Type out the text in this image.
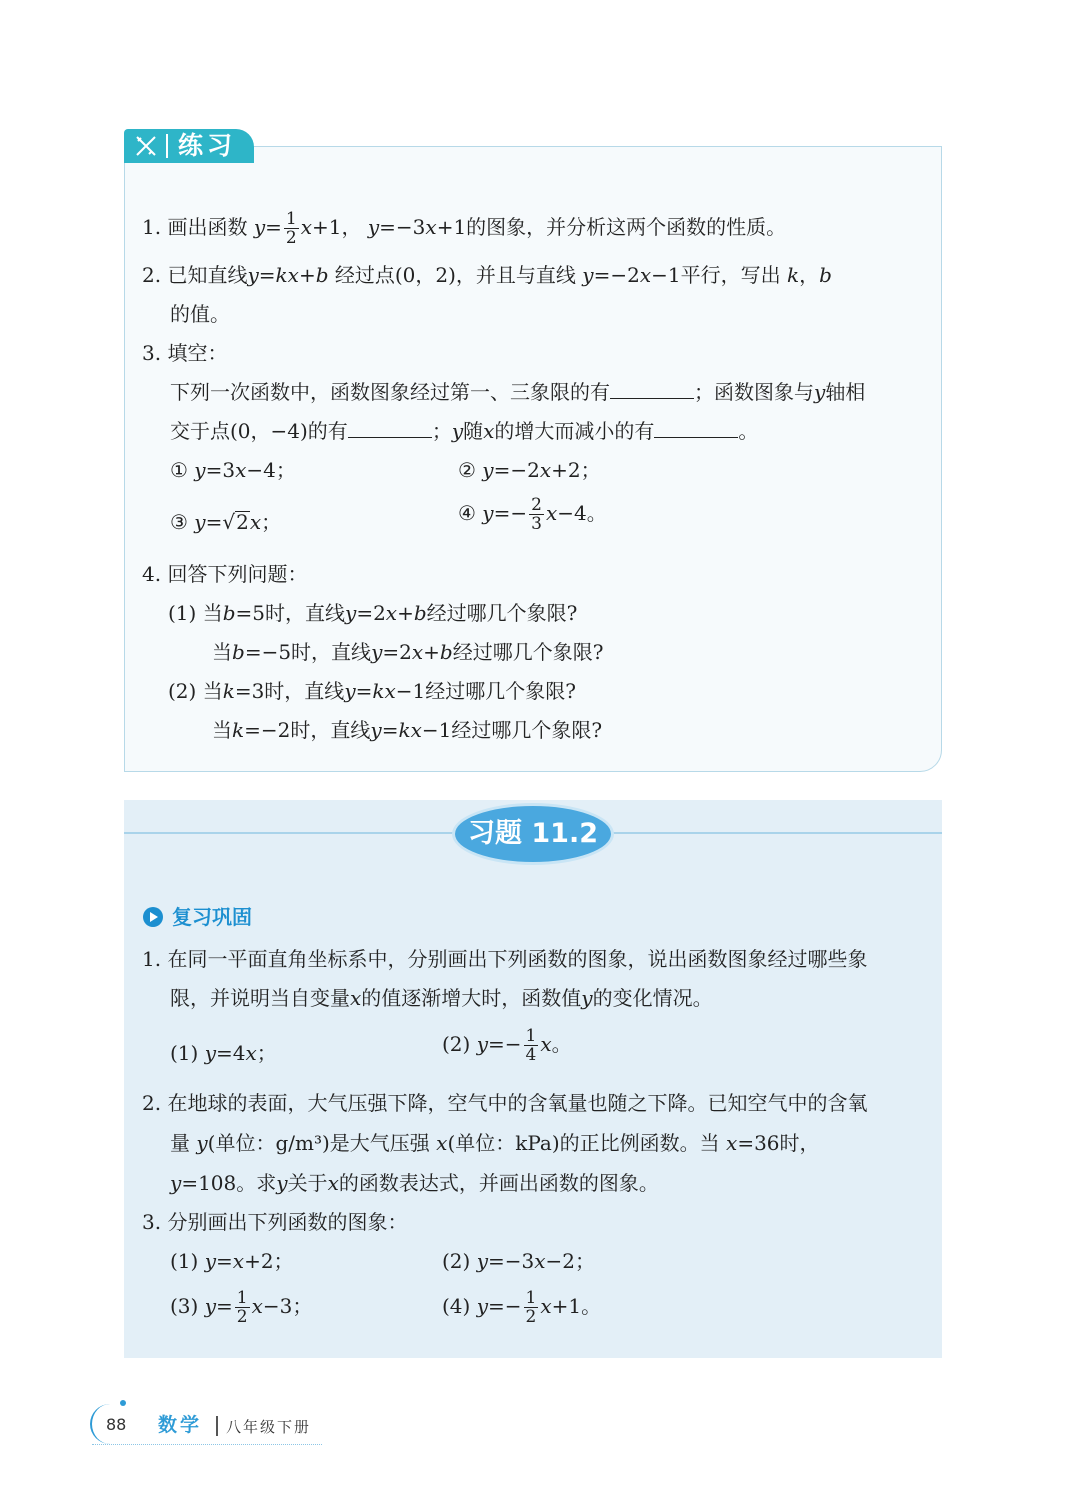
练习
1. 画出函数 $y= \frac{1}{2} x+1$， y=−3x+1的图象，并分析这两个函数的性质。
2. 已知直线y=kx+b 经过点(0，2)，并且与直线 y=−2x−1平行，写出 k，b
的值。
3. 填空：
下列一次函数中，函数图象经过第一、三象限的有	；函数图象与y轴相
交于点(0，−4)的有	；y随x的增大而减小的有	。
① y=3x−4；	② y=−2x+2；
③ y=√2x；	④ $y=- \frac{2}{3} x-4$。
4. 回答下列问题：
(1) 当b=5时，直线y=2x+b经过哪几个象限?
当b=−5时，直线y=2x+b经过哪几个象限?
(2) 当k=3时，直线y=kx−1经过哪几个象限?
当k=−2时，直线y=kx−1经过哪几个象限?
习题 11.2
复习巩固
1. 在同一平面直角坐标系中，分别画出下列函数的图象，说出函数图象经过哪些象
限，并说明当自变量x的值逐渐增大时，函数值y的变化情况。
(1) y=4x；	(2) $y=- \frac{1}{4}$ x。
2. 在地球的表面，大气压强下降，空气中的含氧量也随之下降。已知空气中的含氧
量 y(单位：g/m³)是大气压强 x(单位：kPa)的正比例函数。当 x=36时，
y=108。求y关于x的函数表达式，并画出函数的图象。
3. 分别画出下列函数的图象：
(1) y=x+2；	(2) y=−3x−2；
(3) $y= \frac{1}{2} x-3$；	(4) $y=- \frac{1}{2} x+1$。
88 数学 八年级下册
